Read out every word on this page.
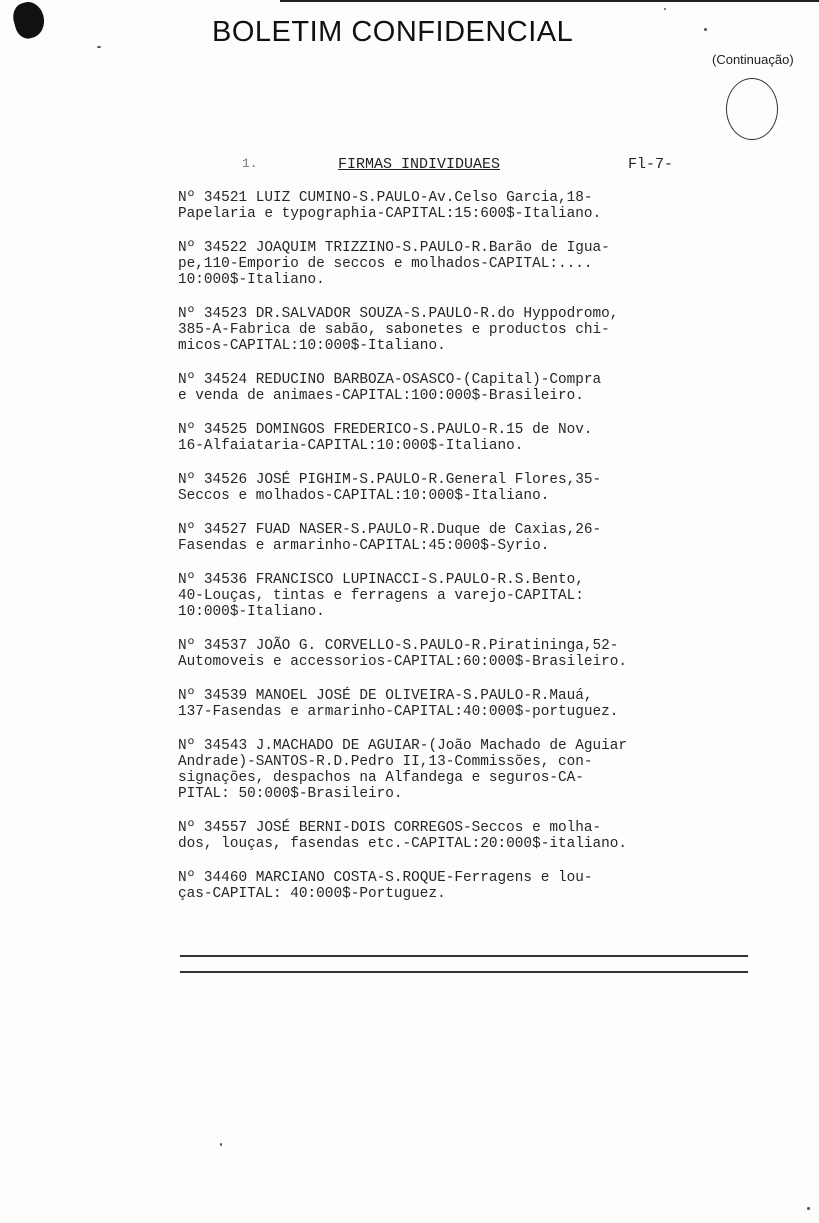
BOLETIM CONFIDENCIAL
(Continuação)
1.	FIRMAS INDIVIDUAES	Fl-7-
Nº 34521 LUIZ CUMINO-S.PAULO-Av.Celso Garcia,18-
Papelaria e typographia-CAPITAL:15:600$-Italiano.
Nº 34522 JOAQUIM TRIZZINO-S.PAULO-R.Barão de Igua-
pe,110-Emporio de seccos e molhados-CAPITAL:....
10:000$-Italiano.
Nº 34523 DR.SALVADOR SOUZA-S.PAULO-R.do Hyppodromo,
385-A-Fabrica de sabão, sabonetes e productos chi-
micos-CAPITAL:10:000$-Italiano.
Nº 34524 REDUCINO BARBOZA-OSASCO-(Capital)-Compra
e venda de animaes-CAPITAL:100:000$-Brasileiro.
Nº 34525 DOMINGOS FREDERICO-S.PAULO-R.15 de Nov.
16-Alfaiataria-CAPITAL:10:000$-Italiano.
Nº 34526 JOSÉ PIGHIM-S.PAULO-R.General Flores,35-
Seccos e molhados-CAPITAL:10:000$-Italiano.
Nº 34527 FUAD NASER-S.PAULO-R.Duque de Caxias,26-
Fasendas e armarinho-CAPITAL:45:000$-Syrio.
Nº 34536 FRANCISCO LUPINACCI-S.PAULO-R.S.Bento,
40-Louças, tintas e ferragens a varejo-CAPITAL:
10:000$-Italiano.
Nº 34537 JOÃO G. CORVELLO-S.PAULO-R.Piratininga,52-
Automoveis e accessorios-CAPITAL:60:000$-Brasileiro.
Nº 34539 MANOEL JOSÉ DE OLIVEIRA-S.PAULO-R.Mauá,
137-Fasendas e armarinho-CAPITAL:40:000$-portuguez.
Nº 34543 J.MACHADO DE AGUIAR-(João Machado de Aguiar
Andrade)-SANTOS-R.D.Pedro II,13-Commissões, con-
signações, despachos na Alfandega e seguros-CA-
PITAL: 50:000$-Brasileiro.
Nº 34557 JOSÉ BERNI-DOIS CORREGOS-Seccos e molha-
dos, louças, fasendas etc.-CAPITAL:20:000$-italiano.
Nº 34460 MARCIANO COSTA-S.ROQUE-Ferragens e lou-
ças-CAPITAL: 40:000$-Portuguez.
